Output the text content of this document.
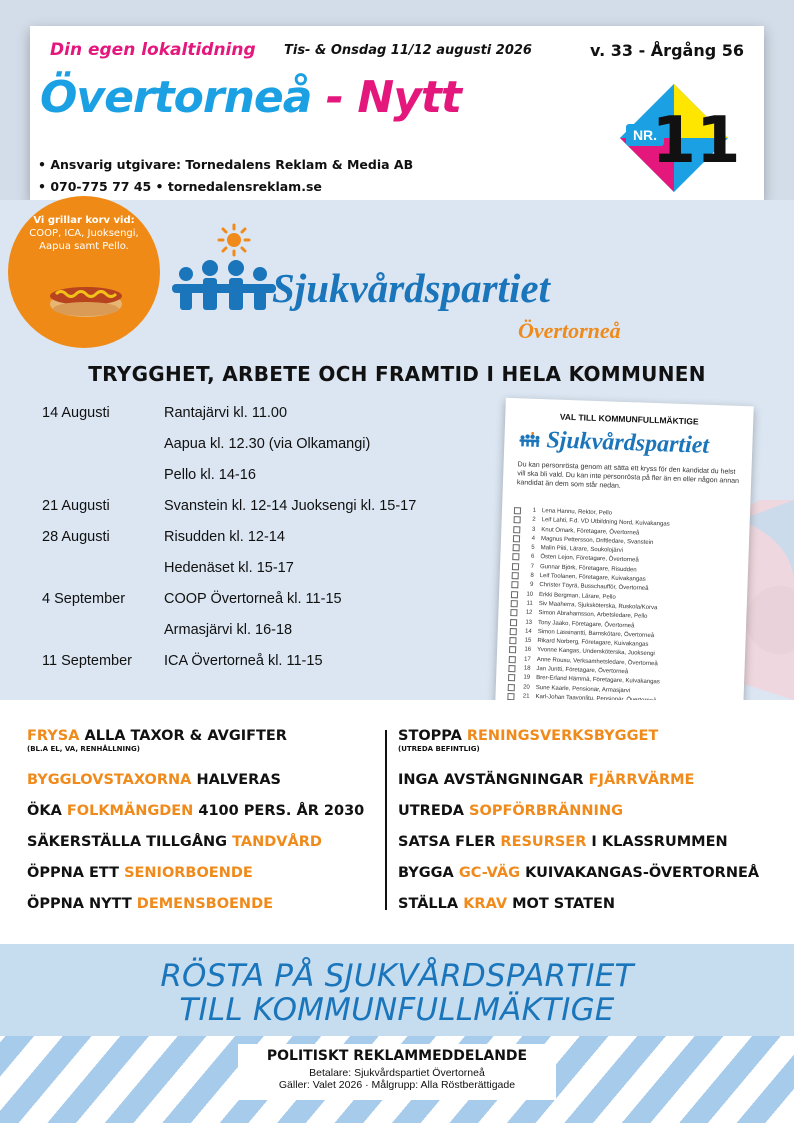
Din egen lokaltidning Tis- & Onsdag 11/12 augusti 2026	v. 33 - Årgång 56
Övertorneå - Nytt
• Ansvarig utgivare: Tornedalens Reklam & Media AB
• 070-775 77 45 • tornedalensreklam.se
NR.
11
Vi grillar korv vid:
COOP, ICA, Juoksengi, Aapua samt Pello.
Sjukvårdspartiet
Övertorneå
TRYGGHET, ARBETE OCH FRAMTID I HELA KOMMUNEN
14 Augusti	Rantajärvi kl. 11.00
Aapua kl. 12.30 (via Olkamangi)
Pello kl. 14-16
21 Augusti	Svanstein kl. 12-14 Juoksengi kl. 15-17
28 Augusti	Risudden kl. 12-14
Hedenäset kl. 15-17
4 September	COOP Övertorneå kl. 11-15
Armasjärvi kl. 16-18
11 September ICA Övertorneå kl. 11-15
VAL TILL KOMMUNFULLMÄKTIGE
Sjukvårdspartiet
Du kan personrösta genom att sätta ett kryss för den kandidat du helst vill ska bli vald. Du kan inte personrösta på fler än en eller någon annan kandidat än dem som står nedan.
1 Lena Hannu, Rektor, Pello
2 Leif Lahti, F.d. VD Utbildning Nord, Kuivakangas
3 Knut Omark, Företagare, Övertorneå
4 Magnus Pettersson, Driftledare, Svanstein
5 Malin Piiti, Lärare, Soukolojärvi
6 Östen Lejon, Företagare, Övertorneå
7 Gunnar Björk, Företagare, Risudden
8 Leif Toolanen, Företagare, Kuivakangas
9 Christer Töyrä, Busschaufför, Övertorneå
10 Erkki Bergman, Lärare, Pello
11 Siv Maaherra, Sjuksköterska, Ruskola/Korva
12 Simon Abrahamsson, Arbetsledare, Pello
13 Tony Jaako, Företagare, Övertorneå
14 Simon Lassinantti, Barnskötare, Övertorneå
15 Rikard Norberg, Företagare, Kuivakangas
16 Yvonne Kangas, Undersköterska, Juoksengi
17 Anne Rousu, Verksamhetsledare, Övertorneå
18 Jan Juntti, Företagare, Övertorneå
19 Brer-Erland Hämmä, Företagare, Kuivakangas
20 Sune Kaarle, Pensionär, Armasjärvi
21
FRYSA ALLA TAXOR & AVGIFTER
(BL.A EL, VA, RENHÅLLNING)
BYGGLOVSTAXORNA HALVERAS
ÖKA FOLKMÄNGDEN 4100 PERS. ÅR 2030
SÄKERSTÄLLA TILLGÅNG TANDVÅRD
ÖPPNA ETT SENIORBOENDE
ÖPPNA NYTT DEMENSBOENDE
STOPPA RENINGSVERKSBYGGET
(UTREDA BEFINTLIG)
INGA AVSTÄNGNINGAR FJÄRRVÄRME
UTREDA SOPFÖRBRÄNNING
SATSA FLER RESURSER I KLASSRUMMEN
BYGGA GC-VÄG KUIVAKANGAS-ÖVERTORNEÅ
STÄLLA KRAV MOT STATEN
RÖSTA PÅ SJUKVÅRDSPARTIET
TILL KOMMUNFULLMÄKTIGE
POLITISKT REKLAMMEDDELANDE
Betalare: Sjukvårdspartiet Övertorneå
Gäller: Valet 2026 · Målgrupp: Alla Röstberättigade
